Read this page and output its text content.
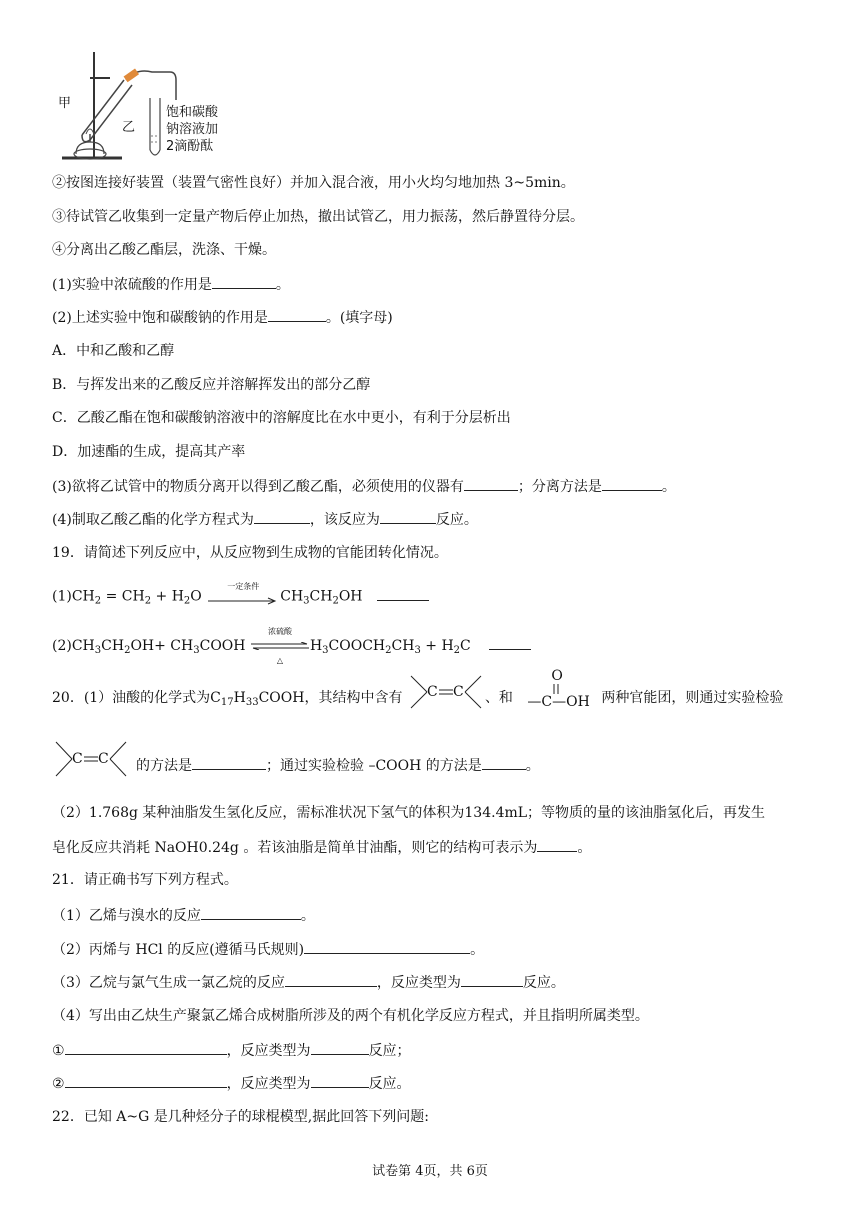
甲
乙
饱和碳酸
钠溶液加
2滴酚酞
②按图连接好装置（装置气密性良好）并加入混合液，用小火均匀地加热 3~5min。
③待试管乙收集到一定量产物后停止加热，撤出试管乙，用力振荡，然后静置待分层。
④分离出乙酸乙酯层，洗涤、干燥。
(1)实验中浓硫酸的作用是	。
(2)上述实验中饱和碳酸钠的作用是	。(填字母)
A．中和乙酸和乙醇
B．与挥发出来的乙酸反应并溶解挥发出的部分乙醇
C．乙酸乙酯在饱和碳酸钠溶液中的溶解度比在水中更小，有利于分层析出
D．加速酯的生成，提高其产率
(3)欲将乙试管中的物质分离开以得到乙酸乙酯，必须使用的仪器有	；分离方法是	。
(4)制取乙酸乙酯的化学方程式为	，该反应为	反应。
19．请简述下列反应中，从反应物到生成物的官能团转化情况。
$(1)CH_2 = CH_2 + H_2O$
一定条件
$CH_3CH_2OH$
$(2)CH_3CH_2OH+$ $CH_3COOH$
浓硫酸
△
$H_3COOCH_2CH_3 + H_2C$
20．(1）油酸的化学式为$C_{17}H_{33}COOH$，其结构中含有 C C 、和
O
—C—OH 两种官能团，则通过实验检验
C C 的方法是	；通过实验检验 –COOH 的方法是	。
（2）1.768g 某种油脂发生氢化反应，需标准状况下氢气的体积为134.4mL；等物质的量的该油脂氢化后，再发生
皂化反应共消耗 NaOH0.24g 。若该油脂是简单甘油酯，则它的结构可表示为	。
21．请正确书写下列方程式。
（1）乙烯与溴水的反应	。
（2）丙烯与 HCl 的反应(遵循马氏规则)	。
（3）乙烷与氯气生成一氯乙烷的反应	，反应类型为	反应。
（4）写出由乙炔生产聚氯乙烯合成树脂所涉及的两个有机化学反应方程式，并且指明所属类型。
①	，反应类型为	反应；
②	，反应类型为	反应。
22．已知 A~G 是几种烃分子的球棍模型,据此回答下列问题:
试卷第 4页，共 6页
